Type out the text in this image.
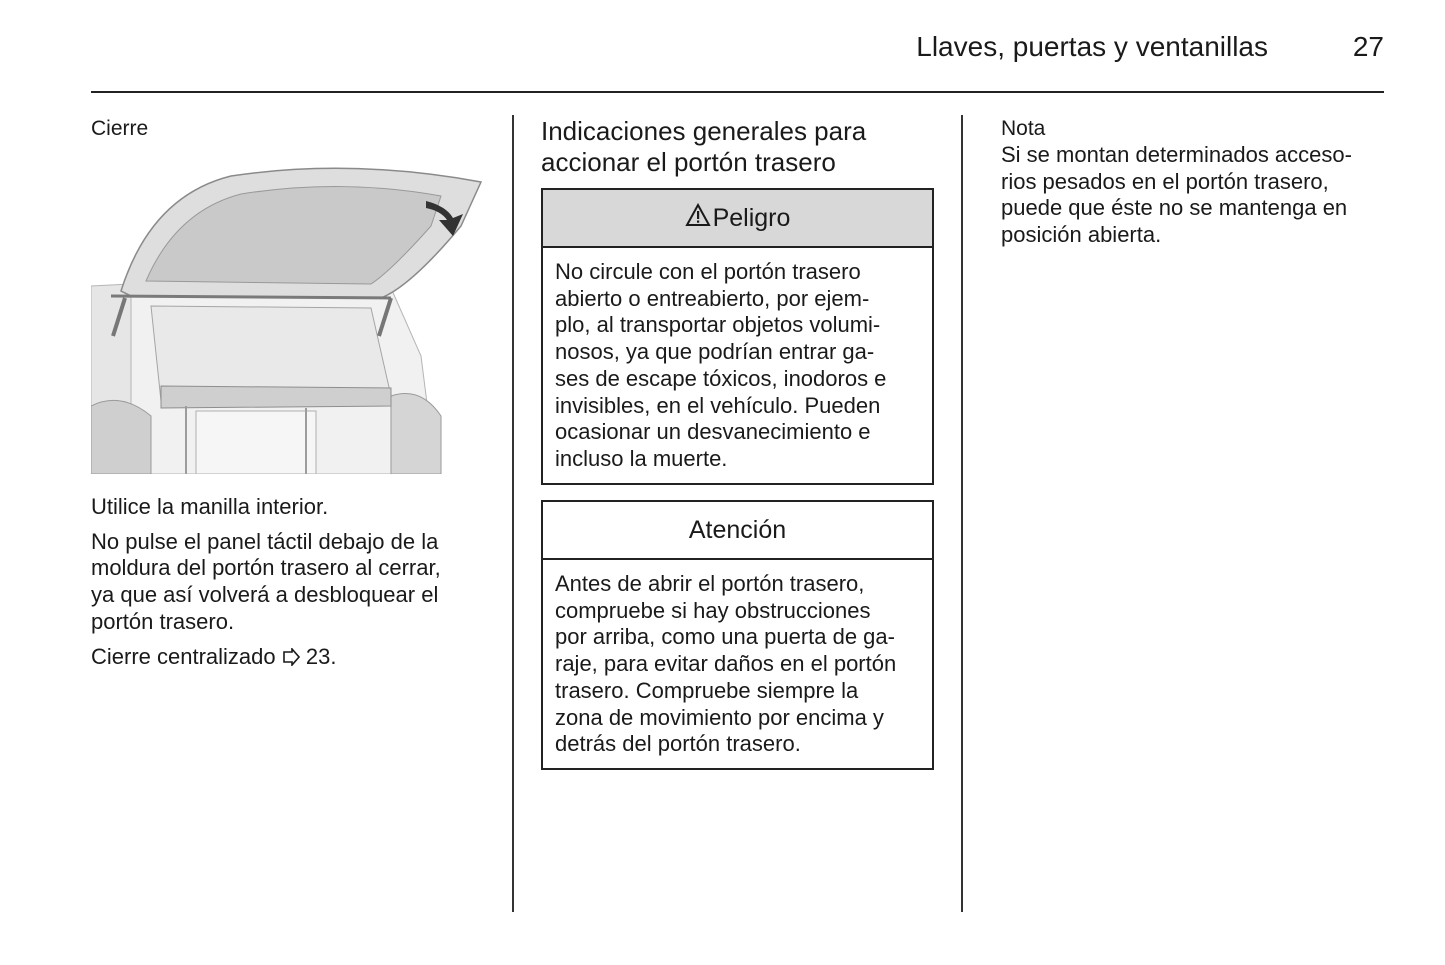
Llaves, puertas y ventanillas	27
Cierre

Utilice la manilla interior.

No pulse el panel táctil debajo de la
moldura del portón trasero al cerrar,
ya que así volverá a desbloquear el
portón trasero.

Cierre centralizado  23.

Indicaciones generales para
accionar el portón trasero
Peligro
No circule con el portón trasero
abierto o entreabierto, por ejem-
plo, al transportar objetos volumi-
nosos, ya que podrían entrar ga-
ses de escape tóxicos, inodoros e
invisibles, en el vehículo. Pueden
ocasionar un desvanecimiento e
incluso la muerte.
Atención
Antes de abrir el portón trasero,
compruebe si hay obstrucciones
por arriba, como una puerta de ga-
raje, para evitar daños en el portón
trasero. Compruebe siempre la
zona de movimiento por encima y
detrás del portón trasero.
Nota
Si se montan determinados acceso-
rios pesados en el portón trasero,
puede que éste no se mantenga en
posición abierta.
